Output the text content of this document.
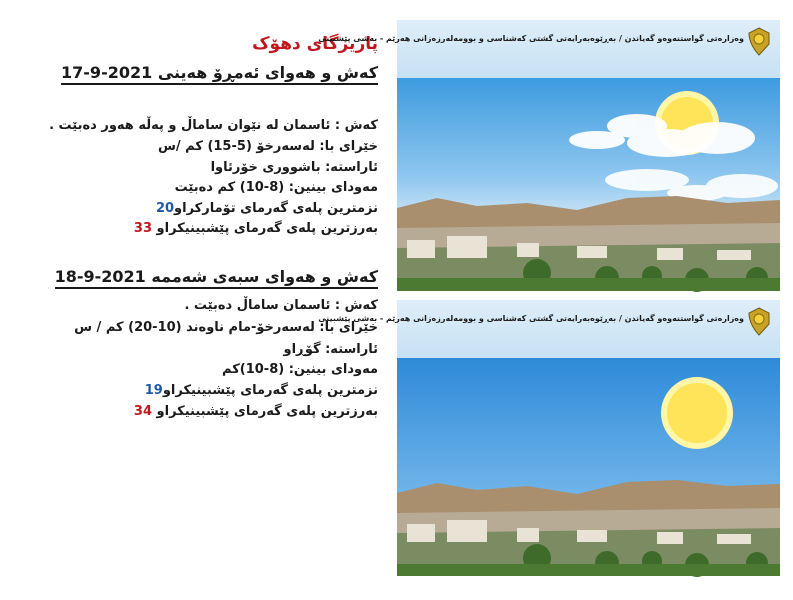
پاریزگای دهۆک
کەش و هەوای ئەمڕۆ هەینی 2021-9-17
کەش : ئاسمان لە نێوان ساماڵ و پەڵە هەور دەبێت .
خێرای با: لەسەرخۆ (5-15) کم /س
ئاراستە: باشووری خۆرئاوا
مەودای بینین: (8-10) کم دەبێت
نزمترین پلەی گەرمای تۆمارکراو20
بەرزترین پلەی گەرمای پێشبینیکراو 33
کەش و هەوای سبەی شەممە 2021-9-18
کەش : ئاسمان ساماڵ دەبێت .
خێرای با: لەسەرخۆ-مام ناوەند (10-20) کم / س
ئاراستە: گۆڕاو
مەودای بینین: (8-10)کم
نزمترین پلەی گەرمای پێشبینیکراو19
بەرزترین پلەی گەرمای پێشبینیکراو 34
وەزارەتی گواستنەوەو گەیاندن / بەڕێوەبەرایەتی گشتی کەشناسی و بوومەلەرزەزانی هەرێم - بەشی پێشبینی
وەزارەتی گواستنەوەو گەیاندن / بەڕێوەبەرایەتی گشتی کەشناسی و بوومەلەرزەزانی هەرێم - بەشی پێشبینی
